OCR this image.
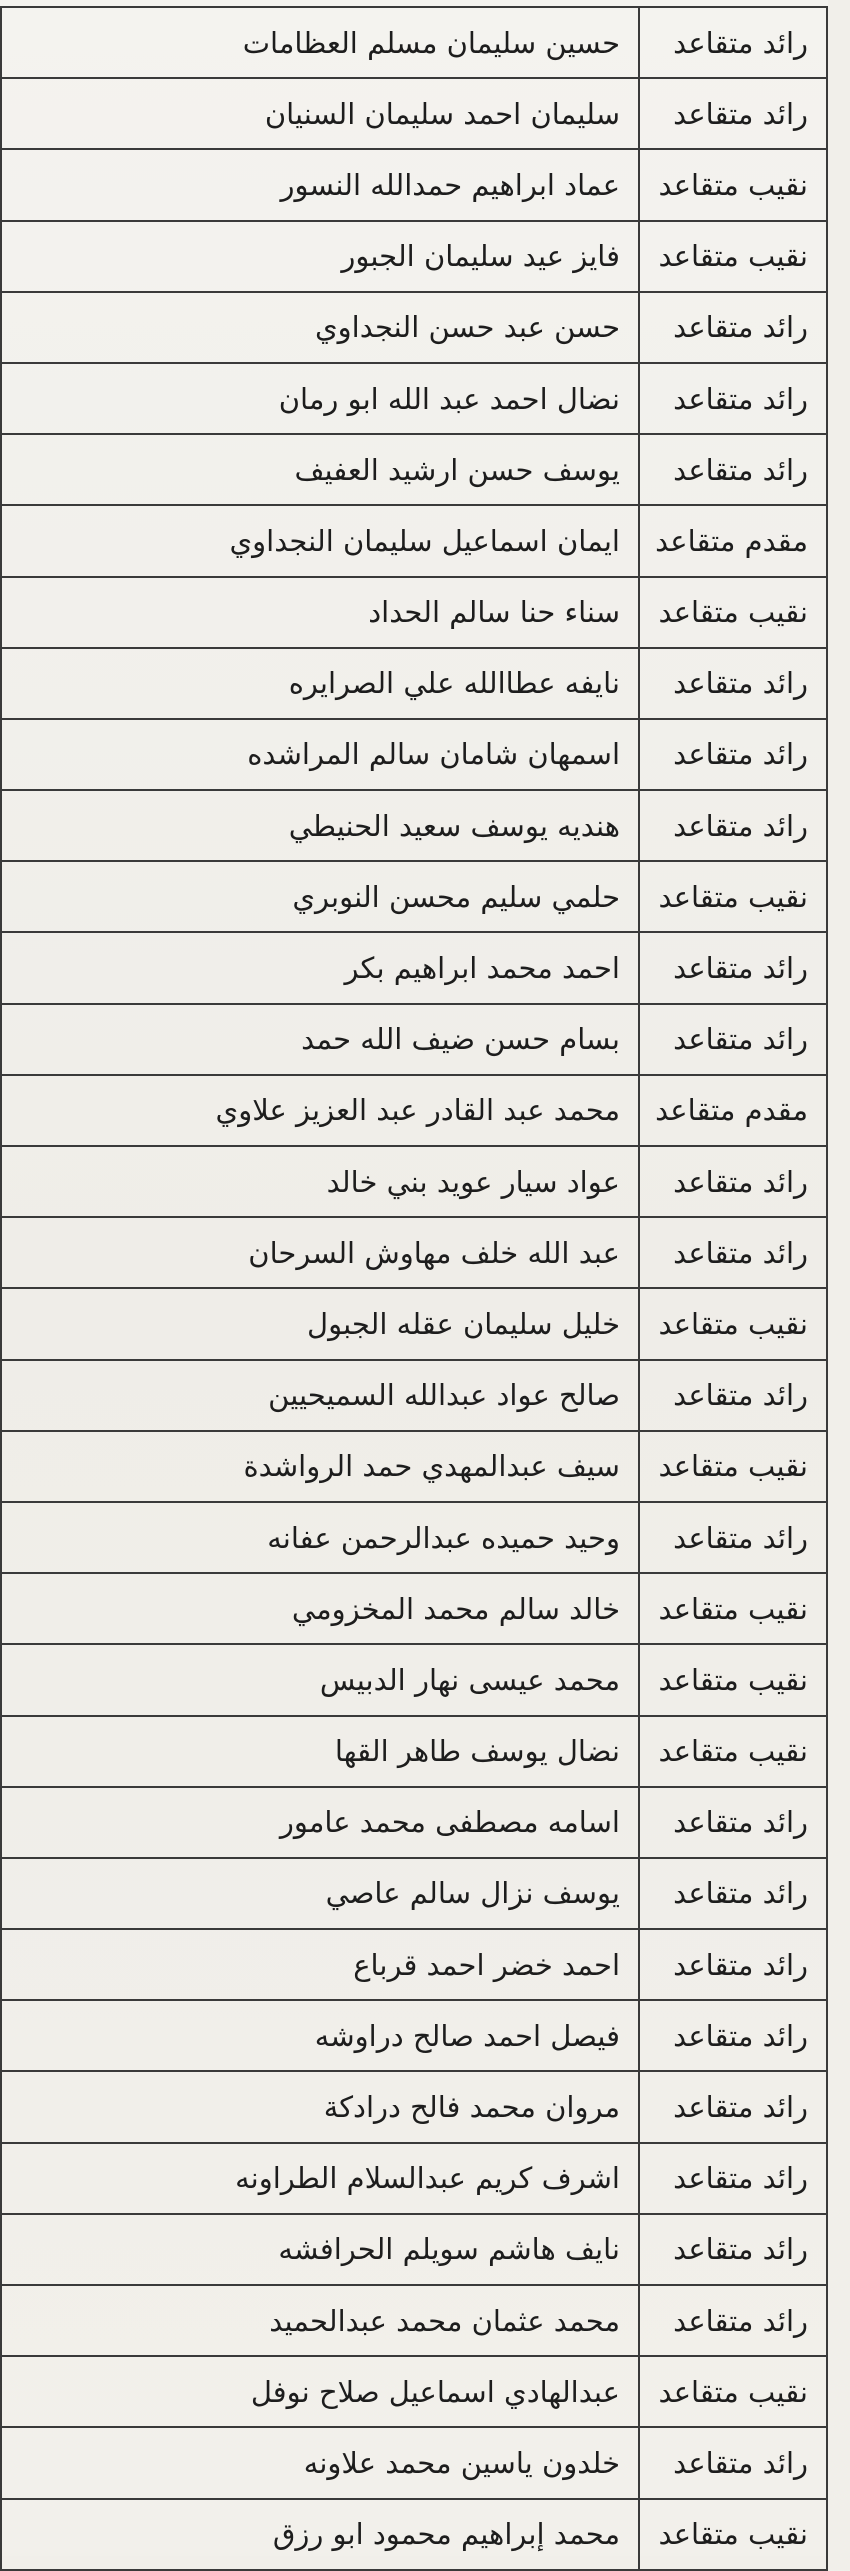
رائد متقاعد	حسين سليمان مسلم العظامات
رائد متقاعد	سليمان احمد سليمان السنيان
نقيب متقاعد	عماد ابراهيم حمدالله النسور
نقيب متقاعد	فايز عيد سليمان الجبور
رائد متقاعد	حسن عبد حسن النجداوي
رائد متقاعد	نضال احمد عبد الله ابو رمان
رائد متقاعد	يوسف حسن ارشيد العفيف
مقدم متقاعد	ايمان اسماعيل سليمان النجداوي
نقيب متقاعد	سناء حنا سالم الحداد
رائد متقاعد	نايفه عطاالله علي الصرايره
رائد متقاعد	اسمهان شامان سالم المراشده
رائد متقاعد	هنديه يوسف سعيد الحنيطي
نقيب متقاعد	حلمي سليم محسن النوبري
رائد متقاعد	احمد محمد ابراهيم بكر
رائد متقاعد	بسام حسن ضيف الله حمد
مقدم متقاعد	محمد عبد القادر عبد العزيز علاوي
رائد متقاعد	عواد سيار عويد بني خالد
رائد متقاعد	عبد الله خلف مهاوش السرحان
نقيب متقاعد	خليل سليمان عقله الجبول
رائد متقاعد	صالح عواد عبدالله السميحيين
نقيب متقاعد	سيف عبدالمهدي حمد الرواشدة
رائد متقاعد	وحيد حميده عبدالرحمن عفانه
نقيب متقاعد	خالد سالم محمد المخزومي
نقيب متقاعد	محمد عيسى نهار الدبيس
نقيب متقاعد	نضال يوسف طاهر القها
رائد متقاعد	اسامه مصطفى محمد عامور
رائد متقاعد	يوسف نزال سالم عاصي
رائد متقاعد	احمد خضر احمد قرباع
رائد متقاعد	فيصل احمد صالح دراوشه
رائد متقاعد	مروان محمد فالح درادكة
رائد متقاعد	اشرف كريم عبدالسلام الطراونه
رائد متقاعد	نايف هاشم سويلم الحرافشه
رائد متقاعد	محمد عثمان محمد عبدالحميد
نقيب متقاعد	عبدالهادي اسماعيل صلاح نوفل
رائد متقاعد	خلدون ياسين محمد علاونه
نقيب متقاعد	محمد إبراهيم محمود ابو رزق
